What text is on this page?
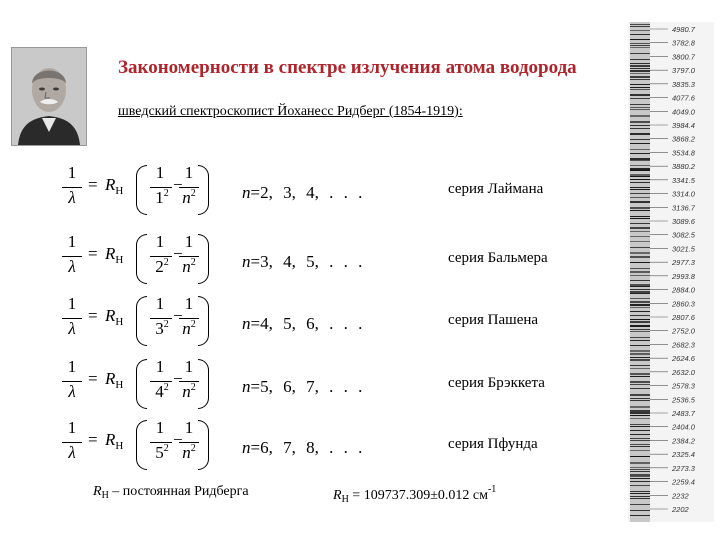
Закономерности в спектре излучения атома водорода
шведский спектроскопист Йоханесс Ридберг (1854-1919):
1
λ
= $R_H$
1
$1^2$ −
1
$n^2$	n=2, 3, 4, . . .	серия Лаймана
1
λ
= $R_H$
1
$2^2$ −
1
$n^2$	n=3, 4, 5, . . .	серия Бальмера
1
λ
= $R_H$
1
$3^2$ −
1
$n^2$	n=4, 5, 6, . . .	серия Пашена
1
λ
= $R_H$
1
$4^2$ −
1
$n^2$	n=5, 6, 7, . . .	серия Брэккета
1
λ
= $R_H$
1
$5^2$ −
1
$n^2$	n=6, 7, 8, . . .	серия Пфунда
$R_H$ – постоянная Ридберга	$R_H = 109737.309\pm 0.012$ $см^{-1}$
4980.7
3782.8
3800.7
3797.0
3835.3
4077.6
4049.0
3984.4
3868.2
3534.8
3880.2
3341.5
3314.0
3136.7
3089.6
3082.5
3021.5
2977.3
2993.8
2884.0
2860.3
2807.6
2752.0
2682.3
2624.6
2632.0
2578.3
2536.5
2483.7
2404.0
2384.2
2325.4
2273.3
2259.4
2232
2202
